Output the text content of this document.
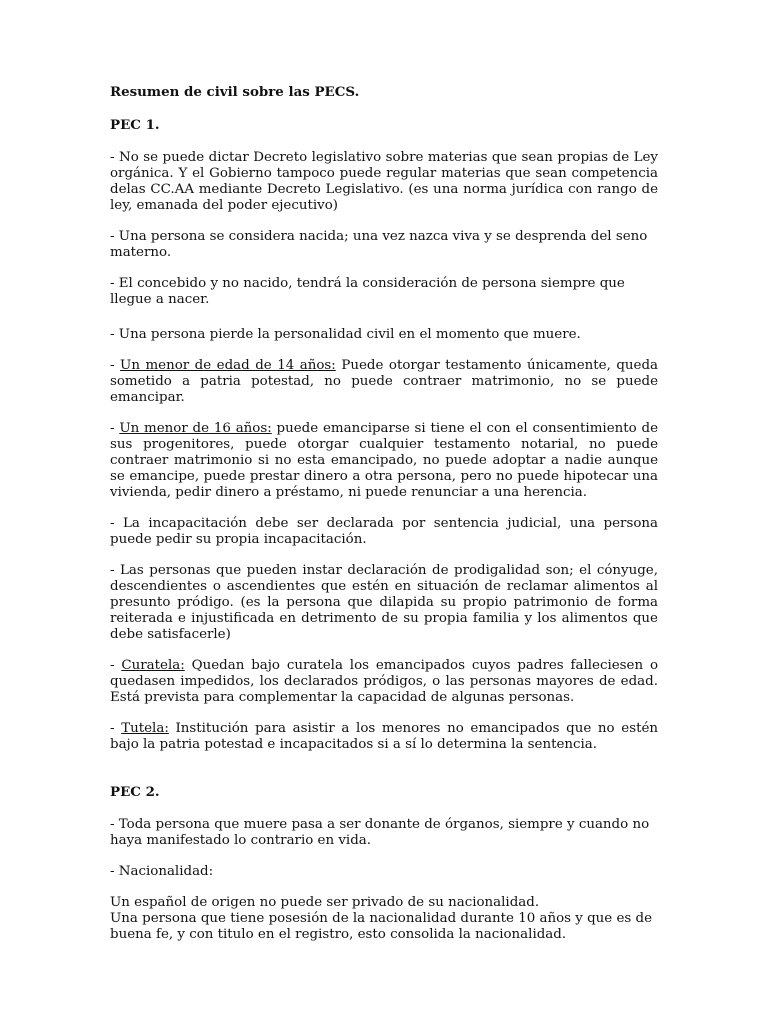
Resumen de civil sobre las PECS.
PEC 1.

- No se puede dictar Decreto legislativo sobre materias que sean propias de Ley orgánica. Y el Gobierno tampoco puede regular materias que sean competencia delas CC.AA mediante Decreto Legislativo. (es una norma jurídica con rango de ley, emanada del poder ejecutivo)

- Una persona se considera nacida; una vez nazca viva y se desprenda del seno materno.

- El concebido y no nacido, tendrá la consideración de persona siempre que llegue a nacer.

- Una persona pierde la personalidad civil en el momento que muere.

- Un menor de edad de 14 años: Puede otorgar testamento únicamente, queda sometido a patria potestad, no puede contraer matrimonio, no se puede emancipar.

- Un menor de 16 años: puede emanciparse si tiene el con el consentimiento de sus progenitores, puede otorgar cualquier testamento notarial, no puede contraer matrimonio si no esta emancipado, no puede adoptar a nadie aunque se emancipe, puede prestar dinero a otra persona, pero no puede hipotecar una vivienda, pedir dinero a préstamo, ni puede renunciar a una herencia.

- La incapacitación debe ser declarada por sentencia judicial, una persona puede pedir su propia incapacitación.

- Las personas que pueden instar declaración de prodigalidad son; el cónyuge, descendientes o ascendientes que estén en situación de reclamar alimentos al presunto pródigo. (es la persona que dilapida su propio patrimonio de forma reiterada e injustificada en detrimento de su propia familia y los alimentos que debe satisfacerle)

- Curatela: Quedan bajo curatela los emancipados cuyos padres falleciesen o quedasen impedidos, los declarados pródigos, o las personas mayores de edad. Está prevista para complementar la capacidad de algunas personas.

- Tutela: Institución para asistir a los menores no emancipados que no estén bajo la patria potestad e incapacitados si a sí lo determina la sentencia.

PEC 2.

- Toda persona que muere pasa a ser donante de órganos, siempre y cuando no haya manifestado lo contrario en vida.

- Nacionalidad:

Un español de origen no puede ser privado de su nacionalidad.

Una persona que tiene posesión de la nacionalidad durante 10 años y que es de buena fe, y con titulo en el registro, esto consolida la nacionalidad.
